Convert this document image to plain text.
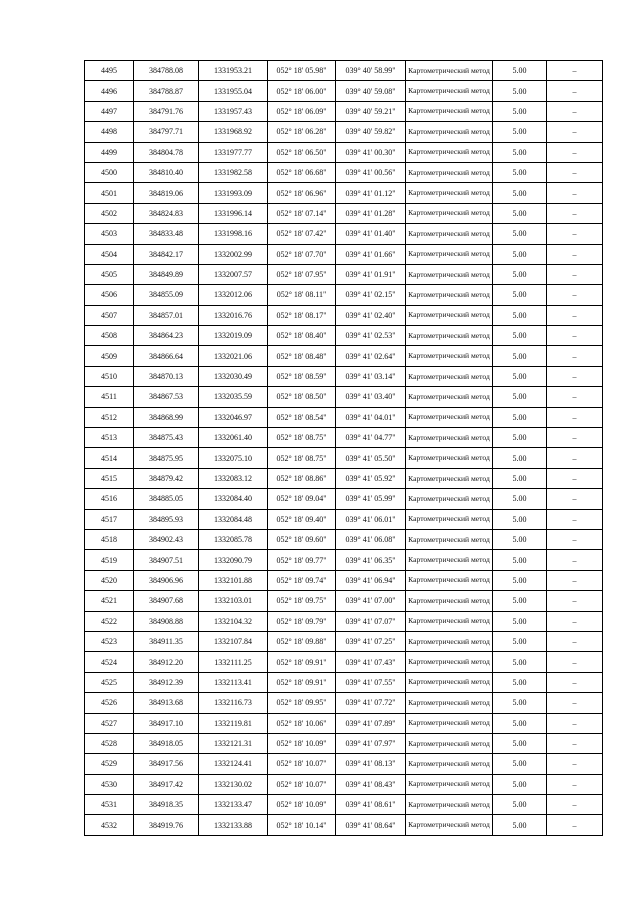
4495	384788.08	1331953.21	052° 18' 05.98"	039° 40' 58.99"	Картометрический метод	5.00	–
4496	384788.87	1331955.04	052° 18' 06.00"	039° 40' 59.08"	Картометрический метод	5.00	–
4497	384791.76	1331957.43	052° 18' 06.09"	039° 40' 59.21"	Картометрический метод	5.00	–
4498	384797.71	1331968.92	052° 18' 06.28"	039° 40' 59.82"	Картометрический метод	5.00	–
4499	384804.78	1331977.77	052° 18' 06.50"	039° 41' 00.30"	Картометрический метод	5.00	–
4500	384810.40	1331982.58	052° 18' 06.68"	039° 41' 00.56"	Картометрический метод	5.00	–
4501	384819.06	1331993.09	052° 18' 06.96"	039° 41' 01.12"	Картометрический метод	5.00	–
4502	384824.83	1331996.14	052° 18' 07.14"	039° 41' 01.28"	Картометрический метод	5.00	–
4503	384833.48	1331998.16	052° 18' 07.42"	039° 41' 01.40"	Картометрический метод	5.00	–
4504	384842.17	1332002.99	052° 18' 07.70"	039° 41' 01.66"	Картометрический метод	5.00	–
4505	384849.89	1332007.57	052° 18' 07.95"	039° 41' 01.91"	Картометрический метод	5.00	–
4506	384855.09	1332012.06	052° 18' 08.11"	039° 41' 02.15"	Картометрический метод	5.00	–
4507	384857.01	1332016.76	052° 18' 08.17"	039° 41' 02.40"	Картометрический метод	5.00	–
4508	384864.23	1332019.09	052° 18' 08.40"	039° 41' 02.53"	Картометрический метод	5.00	–
4509	384866.64	1332021.06	052° 18' 08.48"	039° 41' 02.64"	Картометрический метод	5.00	–
4510	384870.13	1332030.49	052° 18' 08.59"	039° 41' 03.14"	Картометрический метод	5.00	–
4511	384867.53	1332035.59	052° 18' 08.50"	039° 41' 03.40"	Картометрический метод	5.00	–
4512	384868.99	1332046.97	052° 18' 08.54"	039° 41' 04.01"	Картометрический метод	5.00	–
4513	384875.43	1332061.40	052° 18' 08.75"	039° 41' 04.77"	Картометрический метод	5.00	–
4514	384875.95	1332075.10	052° 18' 08.75"	039° 41' 05.50"	Картометрический метод	5.00	–
4515	384879.42	1332083.12	052° 18' 08.86"	039° 41' 05.92"	Картометрический метод	5.00	–
4516	384885.05	1332084.40	052° 18' 09.04"	039° 41' 05.99"	Картометрический метод	5.00	–
4517	384895.93	1332084.48	052° 18' 09.40"	039° 41' 06.01"	Картометрический метод	5.00	–
4518	384902.43	1332085.78	052° 18' 09.60"	039° 41' 06.08"	Картометрический метод	5.00	–
4519	384907.51	1332090.79	052° 18' 09.77"	039° 41' 06.35"	Картометрический метод	5.00	–
4520	384906.96	1332101.88	052° 18' 09.74"	039° 41' 06.94"	Картометрический метод	5.00	–
4521	384907.68	1332103.01	052° 18' 09.75"	039° 41' 07.00"	Картометрический метод	5.00	–
4522	384908.88	1332104.32	052° 18' 09.79"	039° 41' 07.07"	Картометрический метод	5.00	–
4523	384911.35	1332107.84	052° 18' 09.88"	039° 41' 07.25"	Картометрический метод	5.00	–
4524	384912.20	1332111.25	052° 18' 09.91"	039° 41' 07.43"	Картометрический метод	5.00	–
4525	384912.39	1332113.41	052° 18' 09.91"	039° 41' 07.55"	Картометрический метод	5.00	–
4526	384913.68	1332116.73	052° 18' 09.95"	039° 41' 07.72"	Картометрический метод	5.00	–
4527	384917.10	1332119.81	052° 18' 10.06"	039° 41' 07.89"	Картометрический метод	5.00	–
4528	384918.05	1332121.31	052° 18' 10.09"	039° 41' 07.97"	Картометрический метод	5.00	–
4529	384917.56	1332124.41	052° 18' 10.07"	039° 41' 08.13"	Картометрический метод	5.00	–
4530	384917.42	1332130.02	052° 18' 10.07"	039° 41' 08.43"	Картометрический метод	5.00	–
4531	384918.35	1332133.47	052° 18' 10.09"	039° 41' 08.61"	Картометрический метод	5.00	–
4532	384919.76	1332133.88	052° 18' 10.14"	039° 41' 08.64"	Картометрический метод	5.00	–
